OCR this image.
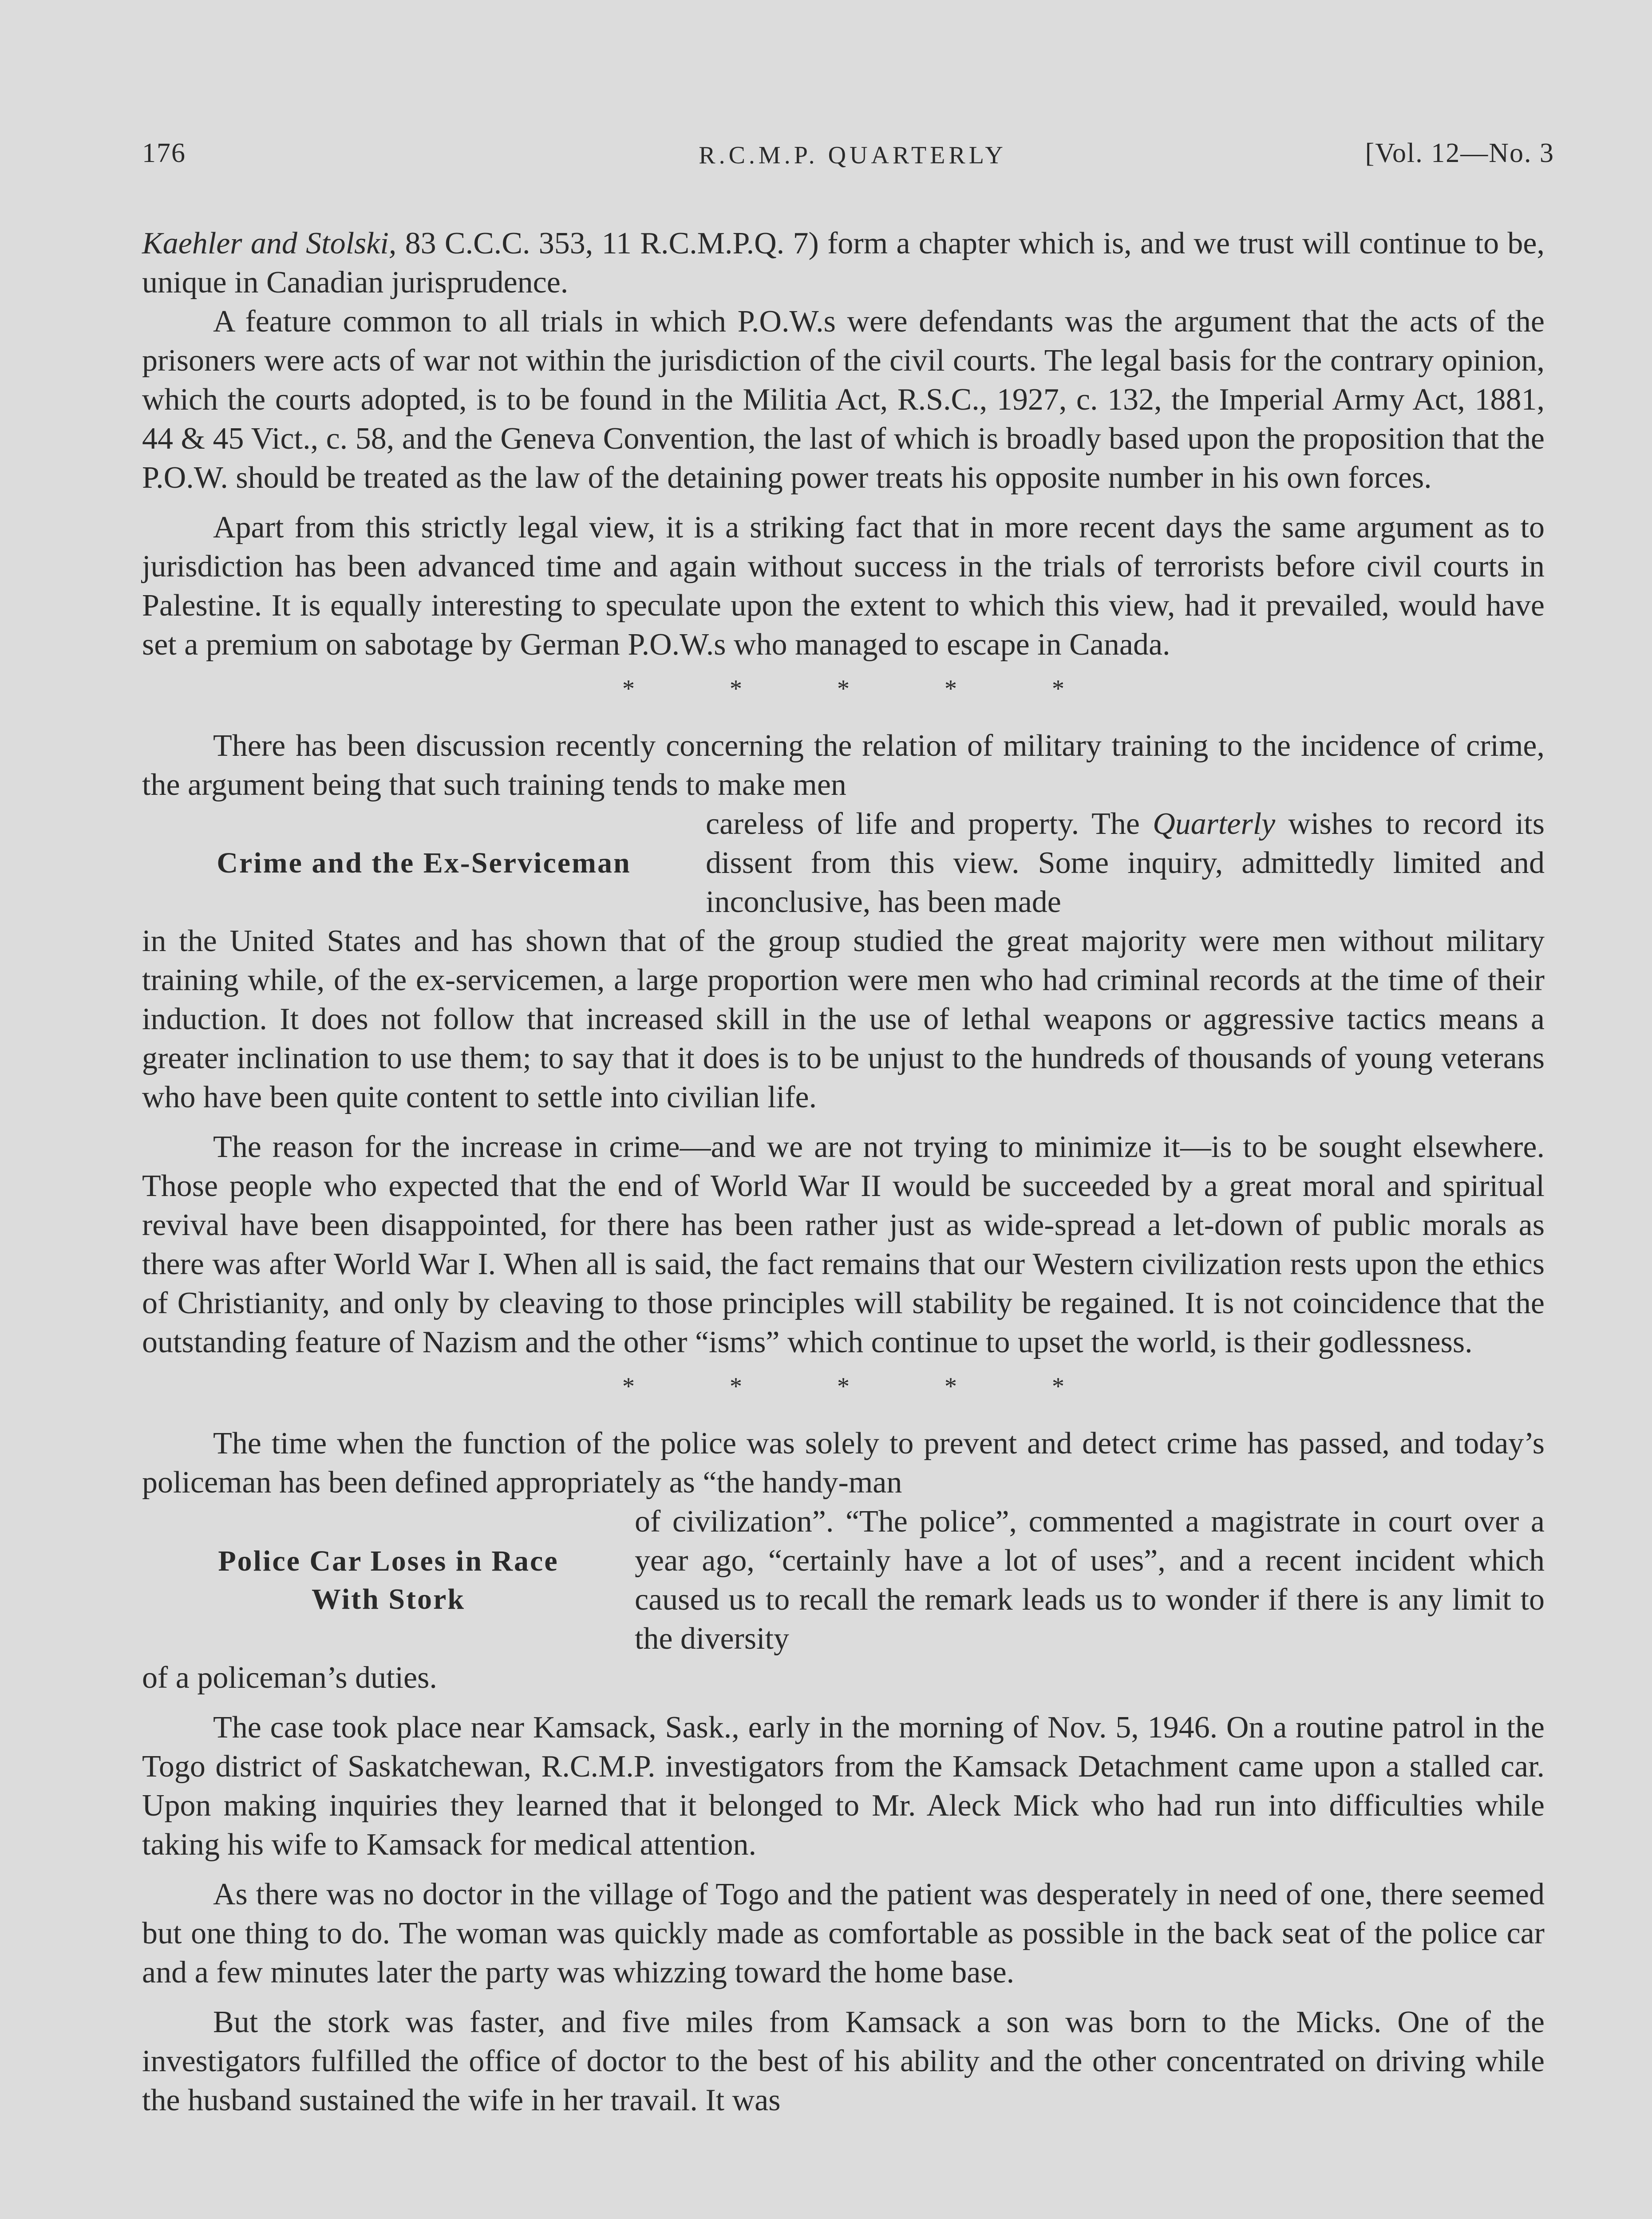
176	R.C.M.P. QUARTERLY	[Vol. 12—No. 3

Kaehler and Stolski, 83 C.C.C. 353, 11 R.C.M.P.Q. 7) form a chapter which is, and we trust will continue to be, unique in Canadian jurisprudence.

A feature common to all trials in which P.O.W.s were defendants was the argument that the acts of the prisoners were acts of war not within the jurisdiction of the civil courts. The legal basis for the contrary opinion, which the courts adopted, is to be found in the Militia Act, R.S.C., 1927, c. 132, the Imperial Army Act, 1881, 44 & 45 Vict., c. 58, and the Geneva Convention, the last of which is broadly based upon the proposition that the P.O.W. should be treated as the law of the detaining power treats his opposite number in his own forces.

Apart from this strictly legal view, it is a striking fact that in more recent days the same argument as to jurisdiction has been advanced time and again without success in the trials of terrorists before civil courts in Palestine. It is equally interesting to speculate upon the extent to which this view, had it prevailed, would have set a premium on sabotage by German P.O.W.s who managed to escape in Canada.

* * * * *

There has been discussion recently concerning the relation of military training to the incidence of crime, the argument being that such training tends to make men

Crime and the Ex-Serviceman
careless of life and property. The Quarterly wishes to record its dissent from this view. Some inquiry, admittedly limited and inconclusive, has been made

in the United States and has shown that of the group studied the great majority were men without military training while, of the ex-servicemen, a large proportion were men who had criminal records at the time of their induction. It does not follow that increased skill in the use of lethal weapons or aggressive tactics means a greater inclination to use them; to say that it does is to be unjust to the hundreds of thousands of young veterans who have been quite content to settle into civilian life.

The reason for the increase in crime—and we are not trying to minimize it—is to be sought elsewhere. Those people who expected that the end of World War II would be succeeded by a great moral and spiritual revival have been disappointed, for there has been rather just as wide-spread a let-down of public morals as there was after World War I. When all is said, the fact remains that our Western civilization rests upon the ethics of Christianity, and only by cleaving to those principles will stability be regained. It is not coincidence that the outstanding feature of Nazism and the other “isms” which continue to upset the world, is their godlessness.

* * * * *

The time when the function of the police was solely to prevent and detect crime has passed, and today’s policeman has been defined appropriately as “the handy-man

Police Car Loses in Race
With Stork
of civilization”. “The police”, commented a magistrate in court over a year ago, “certainly have a lot of uses”, and a recent incident which caused us to recall the remark leads us to wonder if there is any limit to the diversity

of a policeman’s duties.

The case took place near Kamsack, Sask., early in the morning of Nov. 5, 1946. On a routine patrol in the Togo district of Saskatchewan, R.C.M.P. investigators from the Kamsack Detachment came upon a stalled car. Upon making inquiries they learned that it belonged to Mr. Aleck Mick who had run into difficulties while taking his wife to Kamsack for medical attention.

As there was no doctor in the village of Togo and the patient was desperately in need of one, there seemed but one thing to do. The woman was quickly made as comfortable as possible in the back seat of the police car and a few minutes later the party was whizzing toward the home base.

But the stork was faster, and five miles from Kamsack a son was born to the Micks. One of the investigators fulfilled the office of doctor to the best of his ability and the other concentrated on driving while the husband sustained the wife in her travail. It was
